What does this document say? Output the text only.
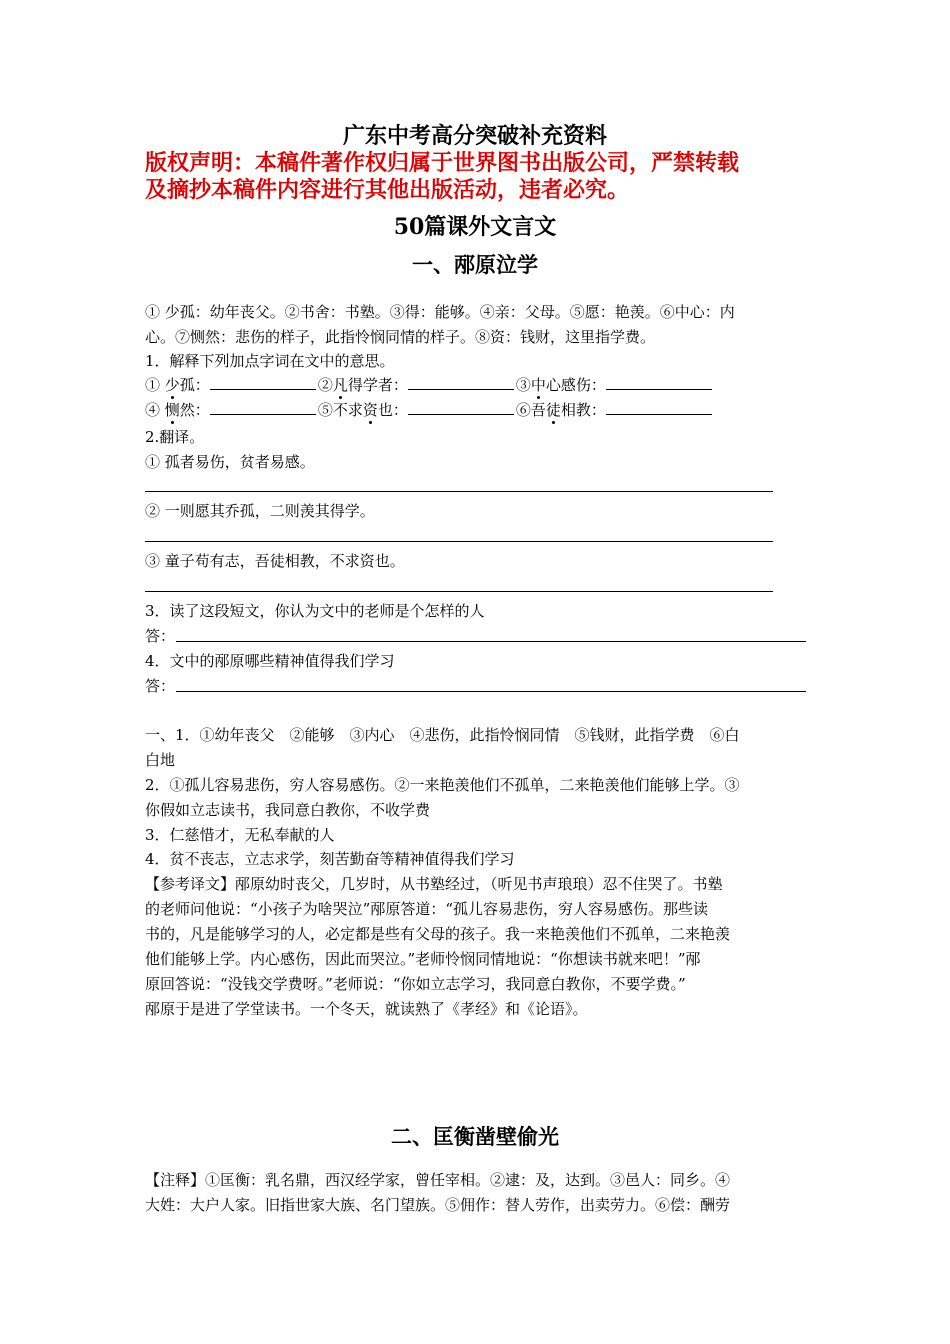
广东中考高分突破补充资料
版权声明：本稿件著作权归属于世界图书出版公司，严禁转载
及摘抄本稿件内容进行其他出版活动，违者必究。
50篇课外文言文
一、邴原泣学
① 少孤：幼年丧父。②书舍：书塾。③得：能够。④亲：父母。⑤愿：艳羡。⑥中心：内
心。⑦恻然：悲伤的样子，此指怜悯同情的样子。⑧资：钱财，这里指学费。
1．解释下列加点字词在文中的意思。
① 少孤：	②凡得学者：	③中心感伤：
④ 恻然：	⑤不求资也：	⑥吾徒相教：
2.翻译。
① 孤者易伤，贫者易感。
② 一则愿其乔孤，二则羡其得学。
③ 童子苟有志，吾徒相教，不求资也。
3．读了这段短文，你认为文中的老师是个怎样的人
答：
4．文中的邴原哪些精神值得我们学习
答：
一、1．①幼年丧父　②能够　③内心　④悲伤，此指怜悯同情　⑤钱财，此指学费　⑥白
白地
2．①孤儿容易悲伤，穷人容易感伤。②一来艳羡他们不孤单，二来艳羡他们能够上学。③
你假如立志读书，我同意白教你，不收学费
3．仁慈惜才，无私奉献的人
4．贫不丧志，立志求学，刻苦勤奋等精神值得我们学习
【参考译文】邴原幼时丧父，几岁时，从书塾经过，（听见书声琅琅）忍不住哭了。书塾
的老师问他说：“小孩子为啥哭泣”邴原答道：“孤儿容易悲伤，穷人容易感伤。那些读
书的，凡是能够学习的人，必定都是些有父母的孩子。我一来艳羡他们不孤单，二来艳羡
他们能够上学。内心感伤，因此而哭泣。”老师怜悯同情地说：“你想读书就来吧！”邴
原回答说：“没钱交学费呀。”老师说：“你如立志学习，我同意白教你，不要学费。”
邴原于是进了学堂读书。一个冬天，就读熟了《孝经》和《论语》。
二、匡衡凿壁偷光
【注释】①匡衡：乳名鼎，西汉经学家，曾任宰相。②逮：及，达到。③邑人：同乡。④
大姓：大户人家。旧指世家大族、名门望族。⑤佣作：替人劳作，出卖劳力。⑥偿：酬劳
